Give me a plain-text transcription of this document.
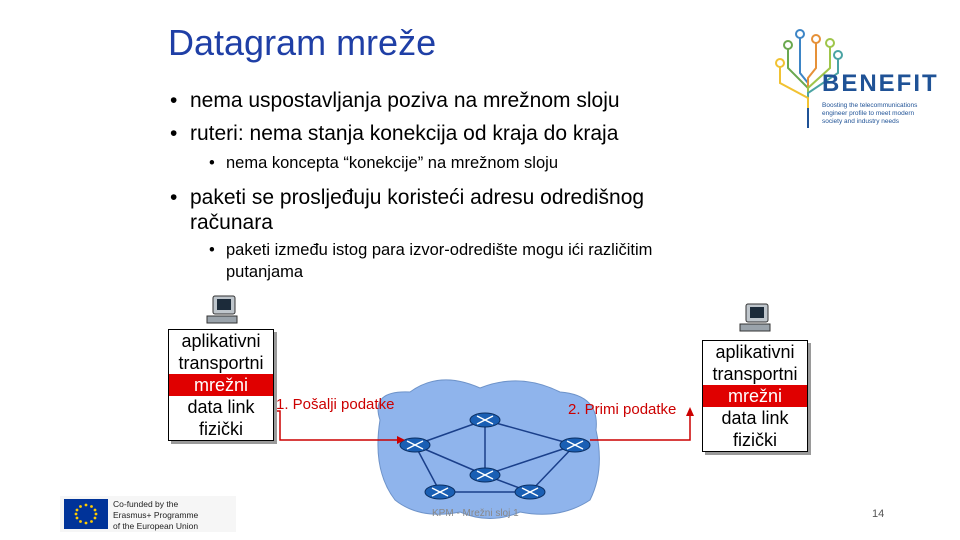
Datagram mreže
• nema uspostavljanja poziva na mrežnom sloju
• ruteri: nema stanja konekcija od kraja do kraja
• nema koncepta “konekcije” na mrežnom sloju
• paketi se prosljeđuju koristeći adresu odredišnog
računara
• paketi između istog para izvor-odredište mogu ići različitim
putanjama
BENEFIT
Boosting the telecommunications
engineer profile to meet modern
society and industry needs
aplikativni
transportni
mrežni
data link
fizički
aplikativni
transportni
mrežni
data link
fizički
1. Pošalji podatke	2. Primi podatke
Co-funded by the
Erasmus+ Programme
of the European Union
KPM - Mrežni sloj 1	14
